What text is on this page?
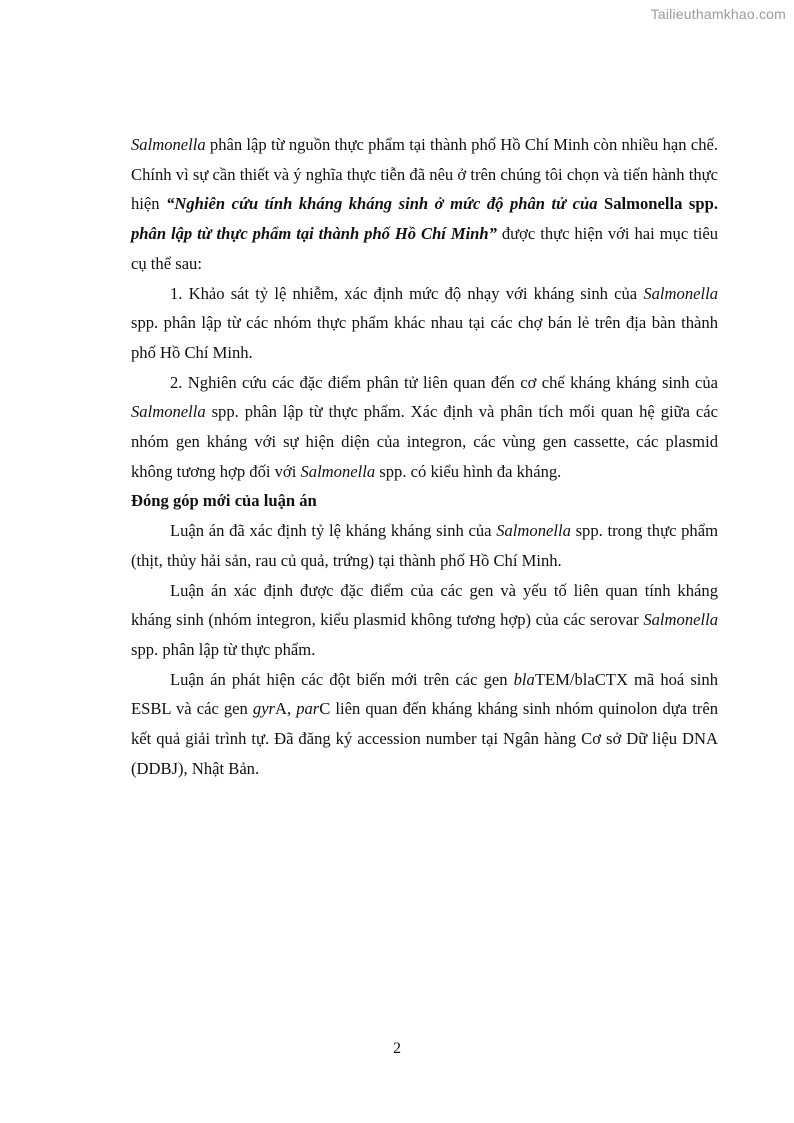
Tailieuthamkhao.com

Salmonella phân lập từ nguồn thực phẩm tại thành phố Hồ Chí Minh còn nhiều hạn chế. Chính vì sự cần thiết và ý nghĩa thực tiễn đã nêu ở trên chúng tôi chọn và tiến hành thực hiện “Nghiên cứu tính kháng kháng sinh ở mức độ phân tử của Salmonella spp. phân lập từ thực phẩm tại thành phố Hồ Chí Minh” được thực hiện với hai mục tiêu cụ thể sau:

1. Khảo sát tỷ lệ nhiễm, xác định mức độ nhạy với kháng sinh của Salmonella spp. phân lập từ các nhóm thực phẩm khác nhau tại các chợ bán lẻ trên địa bàn thành phố Hồ Chí Minh.

2. Nghiên cứu các đặc điểm phân tử liên quan đến cơ chế kháng kháng sinh của Salmonella spp. phân lập từ thực phẩm. Xác định và phân tích mối quan hệ giữa các nhóm gen kháng với sự hiện diện của integron, các vùng gen cassette, các plasmid không tương hợp đối với Salmonella spp. có kiểu hình đa kháng.

Đóng góp mới của luận án

Luận án đã xác định tỷ lệ kháng kháng sinh của Salmonella spp. trong thực phẩm (thịt, thủy hải sản, rau củ quả, trứng) tại thành phố Hồ Chí Minh.

Luận án xác định được đặc điểm của các gen và yếu tố liên quan tính kháng kháng sinh (nhóm integron, kiểu plasmid không tương hợp) của các serovar Salmonella spp. phân lập từ thực phẩm.

Luận án phát hiện các đột biến mới trên các gen blaTEM/blaCTX mã hoá sinh ESBL và các gen gyrA, parC liên quan đến kháng kháng sinh nhóm quinolon dựa trên kết quả giải trình tự. Đã đăng ký accession number tại Ngân hàng Cơ sở Dữ liệu DNA (DDBJ), Nhật Bản.

2
